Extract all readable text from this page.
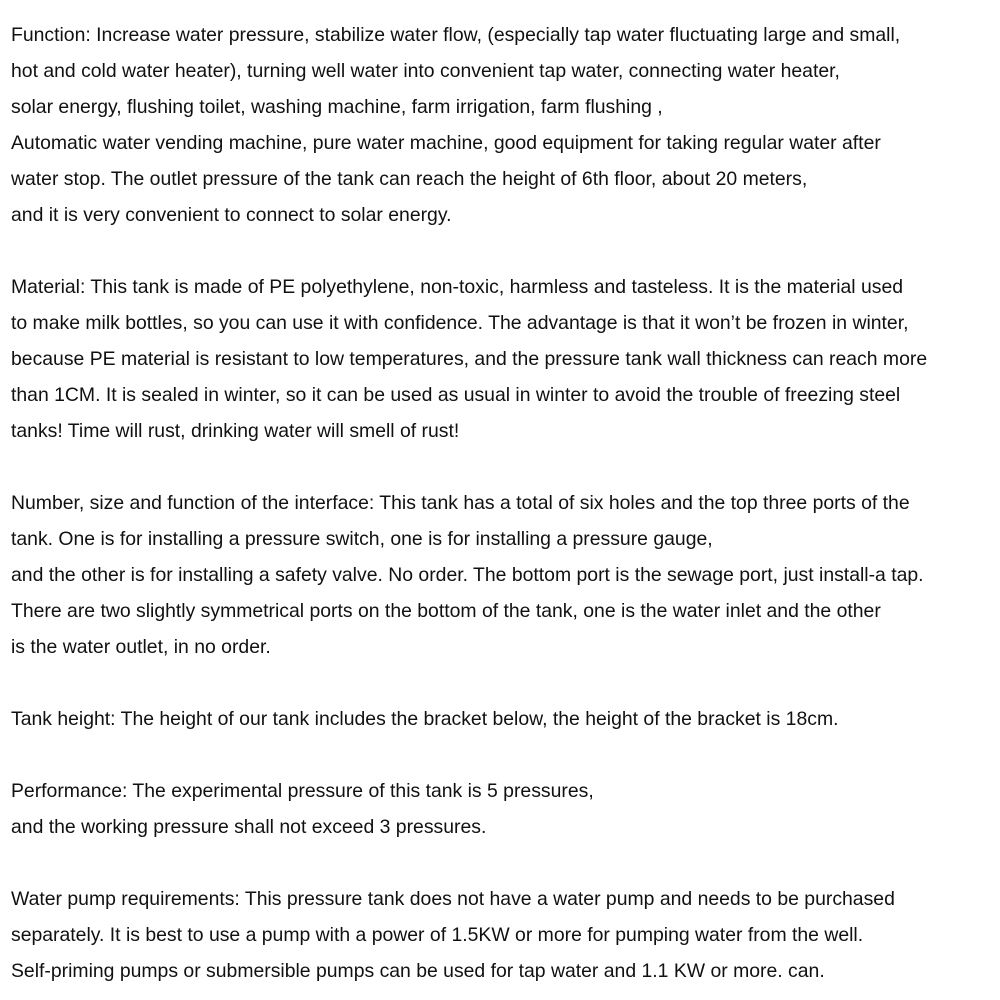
Function: Increase water pressure, stabilize water flow, (especially tap water fluctuating large and small,
hot and cold water heater), turning well water into convenient tap water, connecting water heater,
solar energy, flushing toilet, washing machine, farm irrigation, farm flushing ,
Automatic water vending machine, pure water machine, good equipment for taking regular water after
water stop. The outlet pressure of the tank can reach the height of 6th floor, about 20 meters,
and it is very convenient to connect to solar energy.
Material: This tank is made of PE polyethylene, non-toxic, harmless and tasteless. It is the material used
to make milk bottles, so you can use it with confidence. The advantage is that it won’t be frozen in winter,
because PE material is resistant to low temperatures, and the pressure tank wall thickness can reach more
than 1CM. It is sealed in winter, so it can be used as usual in winter to avoid the trouble of freezing steel
tanks! Time will rust, drinking water will smell of rust!
Number, size and function of the interface: This tank has a total of six holes and the top three ports of the
tank. One is for installing a pressure switch, one is for installing a pressure gauge,
and the other is for installing a safety valve. No order. The bottom port is the sewage port, just install-a tap.
There are two slightly symmetrical ports on the bottom of the tank, one is the water inlet and the other
is the water outlet, in no order.
Tank height: The height of our tank includes the bracket below, the height of the bracket is 18cm.
Performance: The experimental pressure of this tank is 5 pressures,
and the working pressure shall not exceed 3 pressures.
Water pump requirements: This pressure tank does not have a water pump and needs to be purchased
separately. It is best to use a pump with a power of 1.5KW or more for pumping water from the well.
Self-priming pumps or submersible pumps can be used for tap water and 1.1 KW or more. can.
